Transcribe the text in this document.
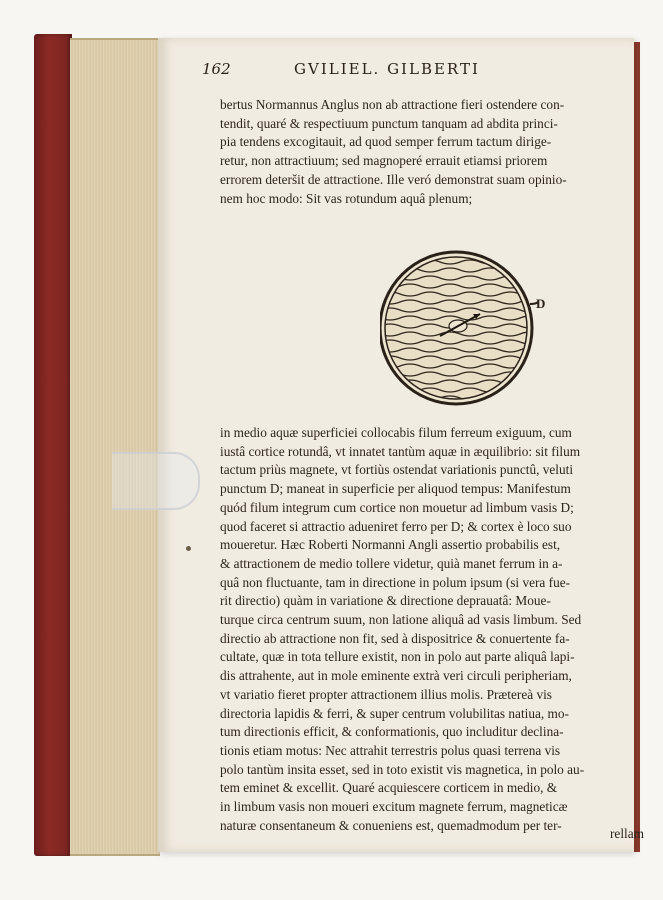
162	GVILIEL. GILBERTI

bertus Normannus Anglus non ab attractione fieri ostendere con-

tendit, quaré & respectiuum punctum tanquam ad abdita princi-

pia tendens excogitauit, ad quod semper ferrum tactum dirige-

retur, non attractiuum; sed magnoperé errauit etiamsi priorem

errorem deteršit de attractione. Ille veró demonstrat suam opinio-

nem hoc modo: Sit vas rotundum aquâ plenum;

D

in medio aquæ superficiei collocabis filum ferreum exiguum, cum

iustâ cortice rotundâ, vt innatet tantùm aquæ in æquilibrio: sit filum

tactum priùs magnete, vt fortiùs ostendat variationis punctû, veluti

punctum D; maneat in superficie per aliquod tempus: Manifestum

quód filum integrum cum cortice non mouetur ad limbum vasis D;

quod faceret si attractio adueniret ferro per D; & cortex è loco suo

moueretur. Hæc Roberti Normanni Angli assertio probabilis est,

& attractionem de medio tollere videtur, quià manet ferrum in a-

quâ non fluctuante, tam in directione in polum ipsum (si vera fue-

rit directio) quàm in variatione & directione deprauatâ: Moue-

turque circa centrum suum, non latione aliquâ ad vasis limbum. Sed

directio ab attractione non fit, sed à dispositrice & conuertente fa-

cultate, quæ in tota tellure existit, non in polo aut parte aliquâ lapi-

dis attrahente, aut in mole eminente extrà veri circuli peripheriam,

vt variatio fieret propter attractionem illius molis. Prætereà vis

directoria lapidis & ferri, & super centrum volubilitas natiua, mo-

tum directionis efficit, & conformationis, quo includitur declina-

tionis etiam motus: Nec attrahit terrestris polus quasi terrena vis

polo tantùm insita esset, sed in toto existit vis magnetica, in polo au-

tem eminet & excellit. Quaré acquiescere corticem in medio, &

in limbum vasis non moueri excitum magnete ferrum, magneticæ

naturæ consentaneum & conueniens est, quemadmodum per ter-

rellam
